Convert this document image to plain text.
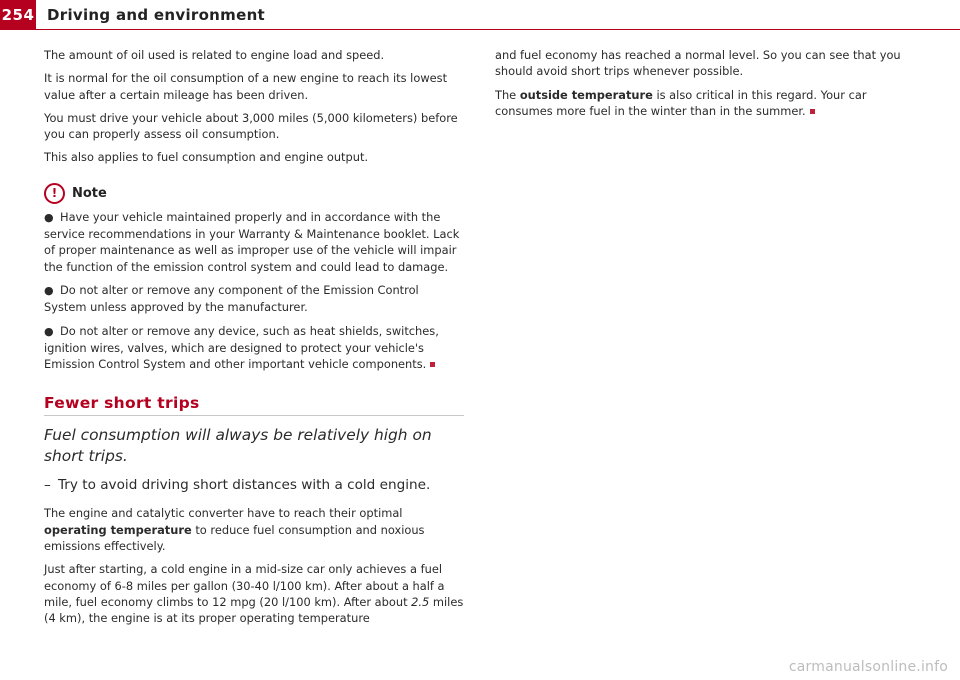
254 Driving and environment

The amount of oil used is related to engine load and speed.

It is normal for the oil consumption of a new engine to reach its lowest value after a certain mileage has been driven.

You must drive your vehicle about 3,000 miles (5,000 kilometers) before you can properly assess oil consumption.

This also applies to fuel consumption and engine output.

!	Note

● Have your vehicle maintained properly and in accordance with the service recommendations in your Warranty & Maintenance booklet. Lack of proper maintenance as well as improper use of the vehicle will impair the function of the emission control system and could lead to damage.

● Do not alter or remove any component of the Emission Control System unless approved by the manufacturer.

● Do not alter or remove any device, such as heat shields, switches, ignition wires, valves, which are designed to protect your vehicle's Emission Control System and other important vehicle components.

Fewer short trips
Fuel consumption will always be relatively high on short trips.
– Try to avoid driving short distances with a cold engine.

The engine and catalytic converter have to reach their optimal operating temperature to reduce fuel consumption and noxious emissions effectively.

Just after starting, a cold engine in a mid-size car only achieves a fuel economy of 6-8 miles per gallon (30-40 l/100 km). After about a half a mile, fuel economy climbs to 12 mpg (20 l/100 km). After about 2.5 miles (4 km), the engine is at its proper operating temperature

and fuel economy has reached a normal level. So you can see that you should avoid short trips whenever possible.

The outside temperature is also critical in this regard. Your car consumes more fuel in the winter than in the summer.

carmanualsonline.info
